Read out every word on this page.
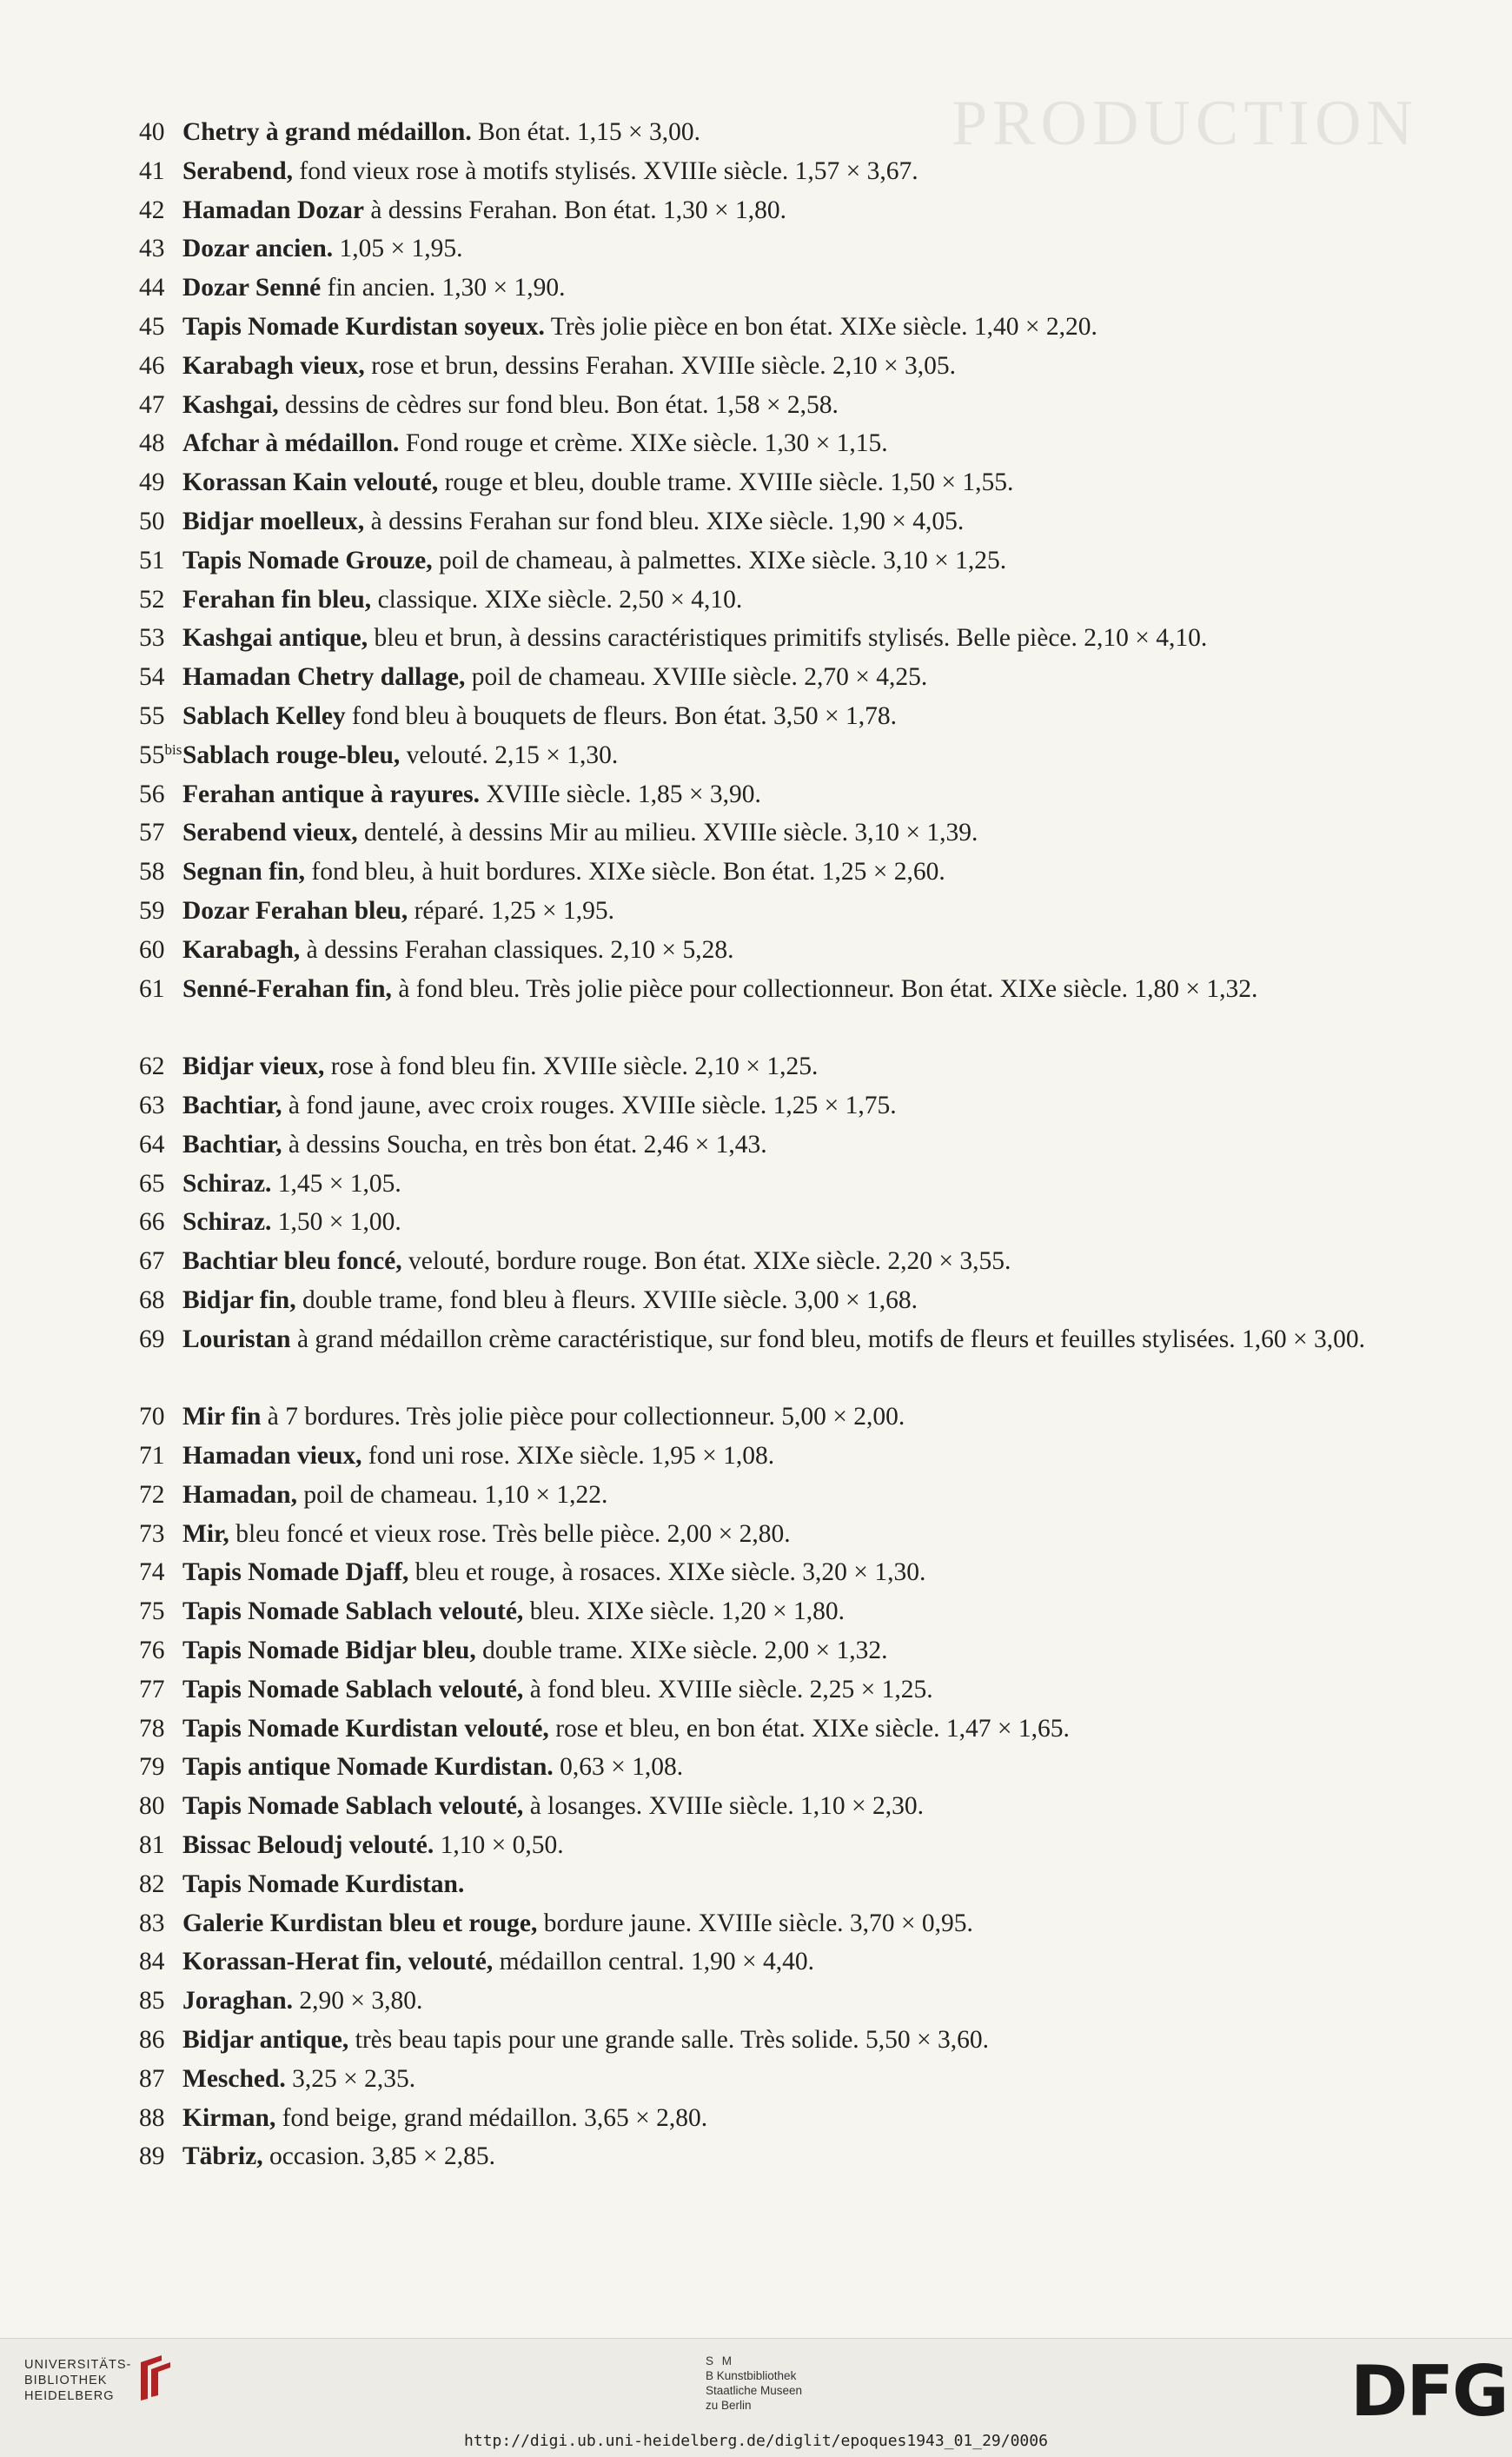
PRODUCTION
40 Chetry à grand médaillon. Bon état. 1,15 × 3,00.
41 Serabend, fond vieux rose à motifs stylisés. XVIIIe siècle. 1,57 × 3,67.
42 Hamadan Dozar à dessins Ferahan. Bon état. 1,30 × 1,80.
43 Dozar ancien. 1,05 × 1,95.
44 Dozar Senné fin ancien. 1,30 × 1,90.
45 Tapis Nomade Kurdistan soyeux. Très jolie pièce en bon état. XIXe siècle. 1,40 × 2,20.
46 Karabagh vieux, rose et brun, dessins Ferahan. XVIIIe siècle. 2,10 × 3,05.
47 Kashgai, dessins de cèdres sur fond bleu. Bon état. 1,58 × 2,58.
48 Afchar à médaillon. Fond rouge et crème. XIXe siècle. 1,30 × 1,15.
49 Korassan Kain velouté, rouge et bleu, double trame. XVIIIe siècle. 1,50 × 1,55.
50 Bidjar moelleux, à dessins Ferahan sur fond bleu. XIXe siècle. 1,90 × 4,05.
51 Tapis Nomade Grouze, poil de chameau, à palmettes. XIXe siècle. 3,10 × 1,25.
52 Ferahan fin bleu, classique. XIXe siècle. 2,50 × 4,10.
53 Kashgai antique, bleu et brun, à dessins caractéristiques primitifs stylisés. Belle pièce. 2,10 × 4,10.
54 Hamadan Chetry dallage, poil de chameau. XVIIIe siècle. 2,70 × 4,25.
55 Sablach Kelley fond bleu à bouquets de fleurs. Bon état. 3,50 × 1,78.
$55^{bis}$ Sablach rouge-bleu, velouté. 2,15 × 1,30.
56 Ferahan antique à rayures. XVIIIe siècle. 1,85 × 3,90.
57 Serabend vieux, dentelé, à dessins Mir au milieu. XVIIIe siècle. 3,10 × 1,39.
58 Segnan fin, fond bleu, à huit bordures. XIXe siècle. Bon état. 1,25 × 2,60.
59 Dozar Ferahan bleu, réparé. 1,25 × 1,95.
60 Karabagh, à dessins Ferahan classiques. 2,10 × 5,28.
61 Senné-Ferahan fin, à fond bleu. Très jolie pièce pour collectionneur. Bon état. XIXe siècle. 1,80 × 1,32.
62 Bidjar vieux, rose à fond bleu fin. XVIIIe siècle. 2,10 × 1,25.
63 Bachtiar, à fond jaune, avec croix rouges. XVIIIe siècle. 1,25 × 1,75.
64 Bachtiar, à dessins Soucha, en très bon état. 2,46 × 1,43.
65 Schiraz. 1,45 × 1,05.
66 Schiraz. 1,50 × 1,00.
67 Bachtiar bleu foncé, velouté, bordure rouge. Bon état. XIXe siècle. 2,20 × 3,55.
68 Bidjar fin, double trame, fond bleu à fleurs. XVIIIe siècle. 3,00 × 1,68.
69 Louristan à grand médaillon crème caractéristique, sur fond bleu, motifs de fleurs et feuilles stylisées. 1,60 × 3,00.
70 Mir fin à 7 bordures. Très jolie pièce pour collectionneur. 5,00 × 2,00.
71 Hamadan vieux, fond uni rose. XIXe siècle. 1,95 × 1,08.
72 Hamadan, poil de chameau. 1,10 × 1,22.
73 Mir, bleu foncé et vieux rose. Très belle pièce. 2,00 × 2,80.
74 Tapis Nomade Djaff, bleu et rouge, à rosaces. XIXe siècle. 3,20 × 1,30.
75 Tapis Nomade Sablach velouté, bleu. XIXe siècle. 1,20 × 1,80.
76 Tapis Nomade Bidjar bleu, double trame. XIXe siècle. 2,00 × 1,32.
77 Tapis Nomade Sablach velouté, à fond bleu. XVIIIe siècle. 2,25 × 1,25.
78 Tapis Nomade Kurdistan velouté, rose et bleu, en bon état. XIXe siècle. 1,47 × 1,65.
79 Tapis antique Nomade Kurdistan. 0,63 × 1,08.
80 Tapis Nomade Sablach velouté, à losanges. XVIIIe siècle. 1,10 × 2,30.
81 Bissac Beloudj velouté. 1,10 × 0,50.
82 Tapis Nomade Kurdistan.
83 Galerie Kurdistan bleu et rouge, bordure jaune. XVIIIe siècle. 3,70 × 0,95.
84 Korassan-Herat fin, velouté, médaillon central. 1,90 × 4,40.
85 Joraghan. 2,90 × 3,80.
86 Bidjar antique, très beau tapis pour une grande salle. Très solide. 5,50 × 3,60.
87 Mesched. 3,25 × 2,35.
88 Kirman, fond beige, grand médaillon. 3,65 × 2,80.
89 Täbriz, occasion. 3,85 × 2,85.
UNIVERSITÄTS-
BIBLIOTHEK
HEIDELBERG
S M
B Kunstbibliothek
Staatliche Museen
zu Berlin	DFG
http://digi.ub.uni-heidelberg.de/diglit/epoques1943_01_29/0006
